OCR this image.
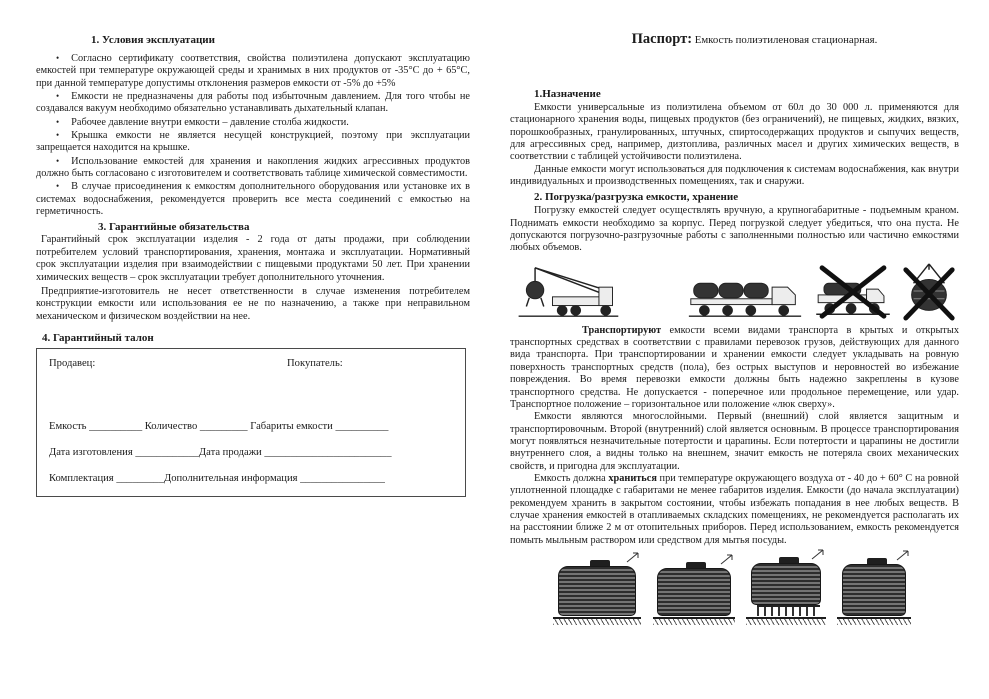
1. Условия эксплуатации

• Согласно сертификату соответствия, свойства полиэтилена допускают эксплуатацию емкостей при температуре окружающей среды и хранимых в них продуктов от -35°С до + 65°С, при данной температуре допустимы отклонения размеров емкости от -5% до +5%

• Емкости не предназначены для работы под избыточным давлением. Для того чтобы не создавался вакуум необходимо обязательно устанавливать дыхательный клапан.

• Рабочее давление внутри емкости – давление столба жидкости.

• Крышка емкости не является несущей конструкцией, поэтому при эксплуатации запрещается находится на крышке.

• Использование емкостей для хранения и накопления жидких агрессивных продуктов должно быть согласовано с изготовителем и соответствовать таблице химической совместимости.

• В случае присоединения к емкостям дополнительного оборудования или установке их в системах водоснабжения, рекомендуется проверить все места соединений с емкостью на герметичность.

3. Гарантийные обязательства

Гарантийный срок эксплуатации изделия - 2 года от даты продажи, при соблюдении потребителем условий транспортирования, хранения, монтажа и эксплуатации. Нормативный срок эксплуатации изделия при взаимодействии с пищевыми продуктами 50 лет. При хранении химических веществ – срок эксплуатации требует дополнительного уточнения.

Предприятие-изготовитель не несет ответственности в случае изменения потребителем конструкции емкости или использования ее не по назначению, а также при неправильном механическом и физическом воздействии на нее.

4. Гарантийный талон
Продавец:	Покупатель:

Емкость __________ Количество _________ Габариты емкости __________

Дата изготовления ____________Дата продажи ________________________

Комплектация _________Дополнительная информация ________________

Паспорт: Емкость полиэтиленовая стационарная.
1.Назначение

Емкости универсальные из полиэтилена объемом от 60л до 30 000 л. применяются для стационарного хранения воды, пищевых продуктов (без ограничений), не пищевых, жидких, вязких, порошкообразных, гранулированных, штучных, спиртосодержащих продуктов и сыпучих веществ, для агрессивных сред, например, дизтоплива, различных масел и других химических веществ, в соответствии с таблицей устойчивости полиэтилена.

Данные емкости могут использоваться для подключения к системам водоснабжения, как внутри индивидуальных и производственных помещениях, так и снаружи.

2. Погрузка/разгрузка емкости, хранение

Погрузку емкостей следует осуществлять вручную, а крупногабаритные - подъемным краном. Поднимать емкости необходимо за корпус. Перед погрузкой следует убедиться, что она пуста. Не допускаются погрузочно-разгрузочные работы с заполненными полностью или частично емкостями любых объемов.

Транспортируют емкости всеми видами транспорта в крытых и открытых транспортных средствах в соответствии с правилами перевозок грузов, действующих для данного вида транспорта. При транспортировании и хранении емкости следует укладывать на ровную поверхность транспортных средств (пола), без острых выступов и неровностей во избежание повреждения. Во время перевозки емкости должны быть надежно закреплены в кузове транспортного средства. Не допускается - поперечное или продольное перемещение, или удар. Транспортное положение – горизонтальное или положение «люк сверху».

Емкости являются многослойными. Первый (внешний) слой является защитным и транспортировочным. Второй (внутренний) слой является основным. В процессе транспортирования могут появляться незначительные потертости и царапины. Если потертости и царапины не достигли внутреннего слоя, а видны только на внешнем, значит емкость не потеряла своих механических свойств, и пригодна для эксплуатации.

Емкость должна храниться при температуре окружающего воздуха от - 40 до + 60° С на ровной уплотненной площадке с габаритами не менее габаритов изделия. Емкости (до начала эксплуатации) рекомендуем хранить в закрытом состоянии, чтобы избежать попадания в нее любых веществ. В случае хранения емкостей в отапливаемых складских помещениях, не рекомендуется располагать их на расстоянии ближе 2 м от отопительных приборов. Перед использованием, емкость рекомендуется помыть мыльным раствором или средством для мытья посуды.
